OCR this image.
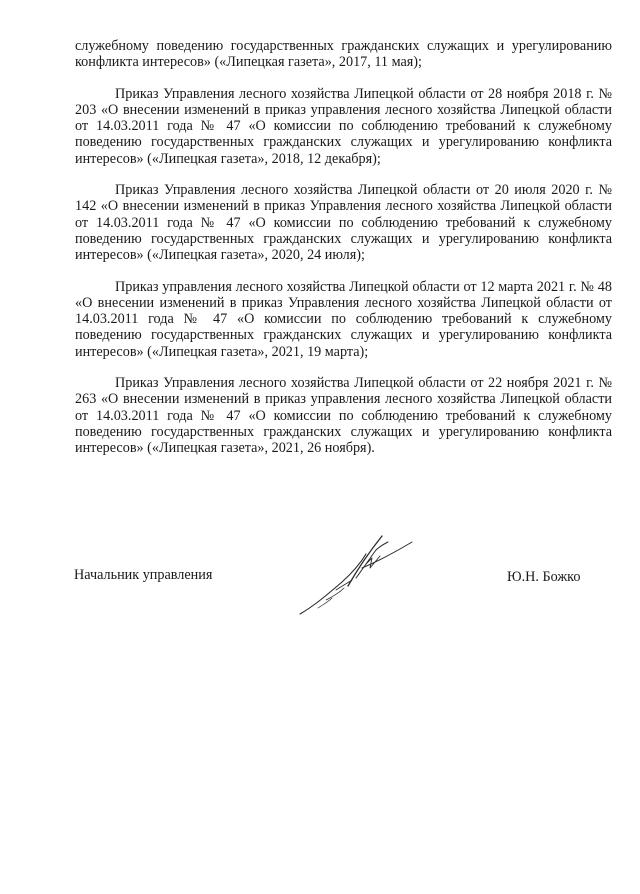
служебному поведению государственных гражданских служащих и урегулированию конфликта интересов» («Липецкая газета», 2017, 11 мая);

Приказ Управления лесного хозяйства Липецкой области от 28 ноября 2018 г. № 203 «О внесении изменений в приказ управления лесного хозяйства Липецкой области от 14.03.2011 года № 47 «О комиссии по соблюдению требований к служебному поведению государственных гражданских служащих и урегулированию конфликта интересов» («Липецкая газета», 2018, 12 декабря);

Приказ Управления лесного хозяйства Липецкой области от 20 июля 2020 г. № 142 «О внесении изменений в приказ Управления лесного хозяйства Липецкой области от 14.03.2011 года № 47 «О комиссии по соблюдению требований к служебному поведению государственных гражданских служащих и урегулированию конфликта интересов» («Липецкая газета», 2020, 24 июля);

Приказ управления лесного хозяйства Липецкой области от 12 марта 2021 г. № 48 «О внесении изменений в приказ Управления лесного хозяйства Липецкой области от 14.03.2011 года № 47 «О комиссии по соблюдению требований к служебному поведению государственных гражданских служащих и урегулированию конфликта интересов» («Липецкая газета», 2021, 19 марта);

Приказ Управления лесного хозяйства Липецкой области от 22 ноября 2021 г. № 263 «О внесении изменений в приказ управления лесного хозяйства Липецкой области от 14.03.2011 года № 47 «О комиссии по соблюдению требований к служебному поведению государственных гражданских служащих и урегулированию конфликта интересов» («Липецкая газета», 2021, 26 ноября).

Начальник управления	Ю.Н. Божко
